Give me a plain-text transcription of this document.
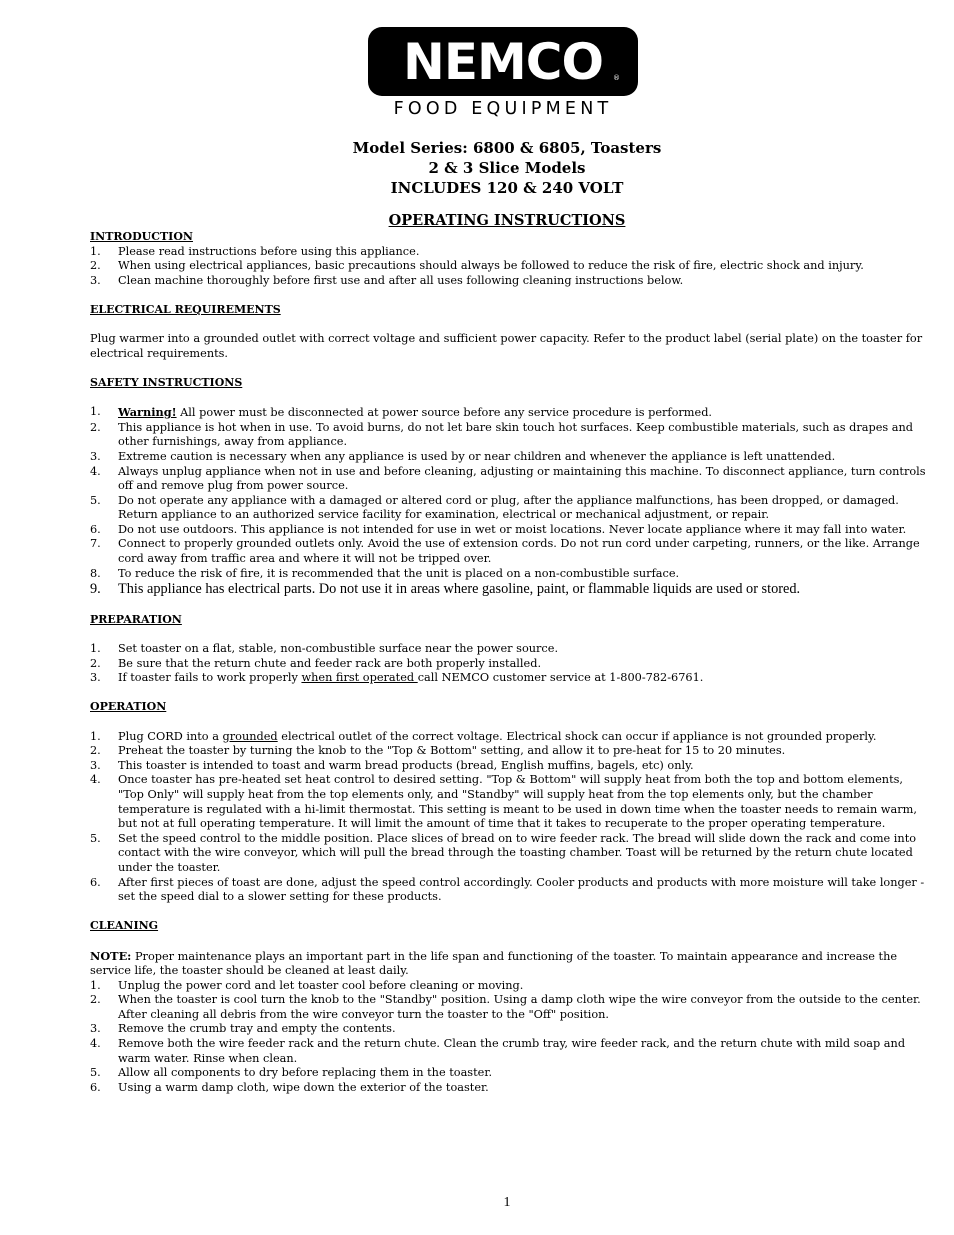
NEMCO ®
FOOD EQUIPMENT
Model Series: 6800 & 6805, Toasters
2 & 3 Slice Models
INCLUDES 120 & 240 VOLT
OPERATING INSTRUCTIONS
INTRODUCTION
1.	Please read instructions before using this appliance.
2.	When using electrical appliances, basic precautions should always be followed to reduce the risk of fire, electric shock and injury.
3.	Clean machine thoroughly before first use and after all uses following cleaning instructions below.
ELECTRICAL REQUIREMENTS

Plug warmer into a grounded outlet with correct voltage and sufficient power capacity. Refer to the product label (serial plate) on the toaster for electrical requirements.

SAFETY INSTRUCTIONS
1.	Warning! All power must be disconnected at power source before any service procedure is performed.
2.	This appliance is hot when in use. To avoid burns, do not let bare skin touch hot surfaces. Keep combustible materials, such as drapes and other furnishings, away from appliance.
3.	Extreme caution is necessary when any appliance is used by or near children and whenever the appliance is left unattended.
4.	Always unplug appliance when not in use and before cleaning, adjusting or maintaining this machine. To disconnect appliance, turn controls off and remove plug from power source.
5.	Do not operate any appliance with a damaged or altered cord or plug, after the appliance malfunctions, has been dropped, or damaged. Return appliance to an authorized service facility for examination, electrical or mechanical adjustment, or repair.
6.	Do not use outdoors. This appliance is not intended for use in wet or moist locations. Never locate appliance where it may fall into water.
7.	Connect to properly grounded outlets only. Avoid the use of extension cords. Do not run cord under carpeting, runners, or the like. Arrange cord away from traffic area and where it will not be tripped over.
8.	To reduce the risk of fire, it is recommended that the unit is placed on a non-combustible surface.
9.	This appliance has electrical parts. Do not use it in areas where gasoline, paint, or flammable liquids are used or stored.
PREPARATION
1.	Set toaster on a flat, stable, non-combustible surface near the power source.
2.	Be sure that the return chute and feeder rack are both properly installed.
3.	If toaster fails to work properly when first operated call NEMCO customer service at 1-800-782-6761.
OPERATION
1.	Plug CORD into a grounded electrical outlet of the correct voltage. Electrical shock can occur if appliance is not grounded properly.
2.	Preheat the toaster by turning the knob to the "Top & Bottom" setting, and allow it to pre-heat for 15 to 20 minutes.
3.	This toaster is intended to toast and warm bread products (bread, English muffins, bagels, etc) only.
4.	Once toaster has pre-heated set heat control to desired setting. "Top & Bottom" will supply heat from both the top and bottom elements, "Top Only" will supply heat from the top elements only, and "Standby" will supply heat from the top elements only, but the chamber temperature is regulated with a hi-limit thermostat. This setting is meant to be used in down time when the toaster needs to remain warm, but not at full operating temperature. It will limit the amount of time that it takes to recuperate to the proper operating temperature.
5.	Set the speed control to the middle position. Place slices of bread on to wire feeder rack. The bread will slide down the rack and come into contact with the wire conveyor, which will pull the bread through the toasting chamber. Toast will be returned by the return chute located under the toaster.
6.	After first pieces of toast are done, adjust the speed control accordingly. Cooler products and products with more moisture will take longer - set the speed dial to a slower setting for these products.
CLEANING

NOTE: Proper maintenance plays an important part in the life span and functioning of the toaster. To maintain appearance and increase the service life, the toaster should be cleaned at least daily.

1.	Unplug the power cord and let toaster cool before cleaning or moving.
2.	When the toaster is cool turn the knob to the "Standby" position. Using a damp cloth wipe the wire conveyor from the outside to the center. After cleaning all debris from the wire conveyor turn the toaster to the "Off" position.
3.	Remove the crumb tray and empty the contents.
4.	Remove both the wire feeder rack and the return chute. Clean the crumb tray, wire feeder rack, and the return chute with mild soap and warm water. Rinse when clean.
5.	Allow all components to dry before replacing them in the toaster.
6.	Using a warm damp cloth, wipe down the exterior of the toaster.
1
